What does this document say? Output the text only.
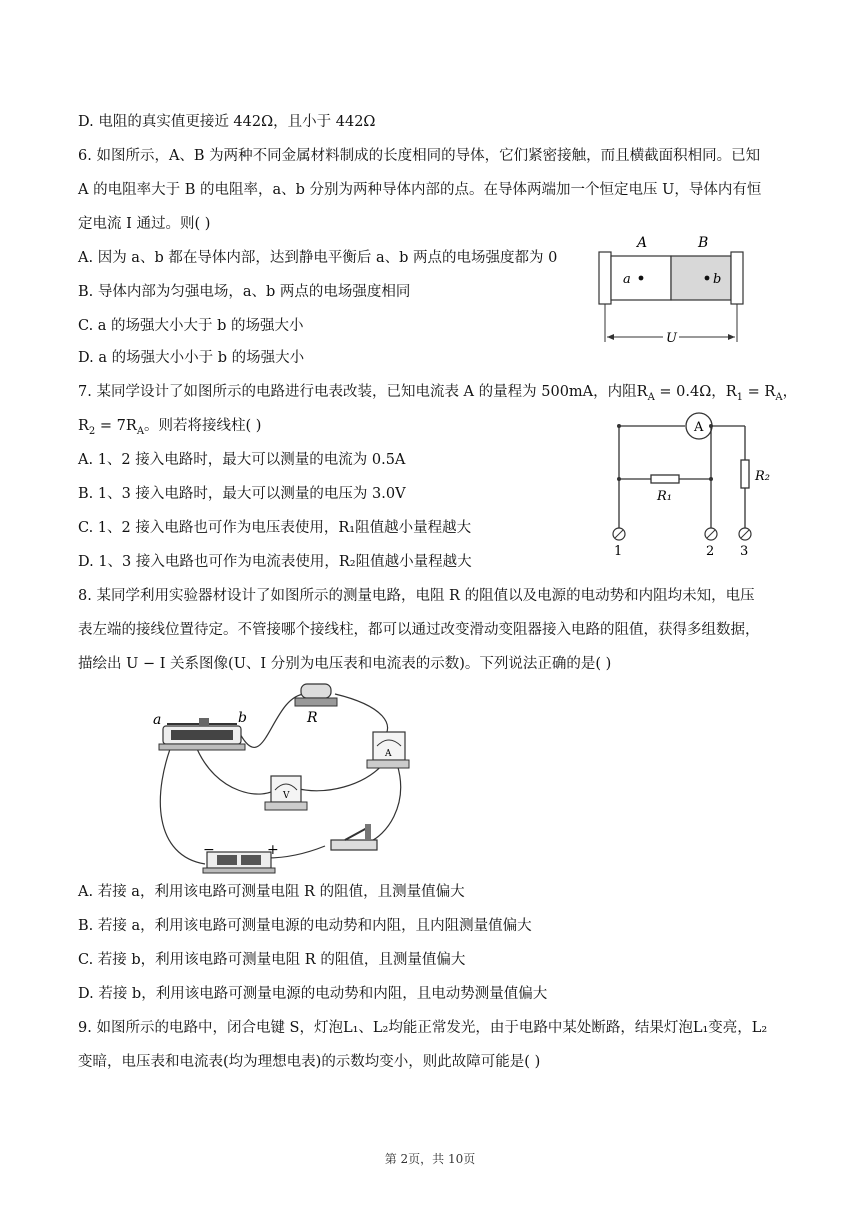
D. 电阻的真实值更接近 442Ω，且小于 442Ω
6. 如图所示，A、B 为两种不同金属材料制成的长度相同的导体，它们紧密接触，而且横截面积相同。已知
A 的电阻率大于 B 的电阻率，a、b 分别为两种导体内部的点。在导体两端加一个恒定电压 U，导体内有恒
定电流 I 通过。则( )
A. 因为 a、b 都在导体内部，达到静电平衡后 a、b 两点的电场强度都为 0
B. 导体内部为匀强电场，a、b 两点的电场强度相同
C. a 的场强大小大于 b 的场强大小
D. a 的场强大小小于 b 的场强大小
A	B
a	b
U
7. 某同学设计了如图所示的电路进行电表改装，已知电流表 A 的量程为 500mA，内阻$R_A = 0.4\Omega$，$R_1 = R_A$，
$R_2 = 7R_A$。则若将接线柱( )
A. 1、2 接入电路时，最大可以测量的电流为 0.5A
B. 1、3 接入电路时，最大可以测量的电压为 3.0V
C. 1、2 接入电路也可作为电压表使用，R₁阻值越小量程越大
D. 1、3 接入电路也可作为电流表使用，R₂阻值越小量程越大
A
R₂
R₁
1	2 3
8. 某同学利用实验器材设计了如图所示的测量电路，电阻 R 的阻值以及电源的电动势和内阻均未知，电压
表左端的接线位置待定。不管接哪个接线柱，都可以通过改变滑动变阻器接入电路的阻值，获得多组数据，
描绘出 U − I 关系图像(U、I 分别为电压表和电流表的示数)。下列说法正确的是( )
a	b	R
A
V
−	+
A. 若接 a，利用该电路可测量电阻 R 的阻值，且测量值偏大
B. 若接 a，利用该电路可测量电源的电动势和内阻，且内阻测量值偏大
C. 若接 b，利用该电路可测量电阻 R 的阻值，且测量值偏大
D. 若接 b，利用该电路可测量电源的电动势和内阻，且电动势测量值偏大
9. 如图所示的电路中，闭合电键 S，灯泡L₁、L₂均能正常发光，由于电路中某处断路，结果灯泡L₁变亮，L₂
变暗，电压表和电流表(均为理想电表)的示数均变小，则此故障可能是( )
第 2页，共 10页
